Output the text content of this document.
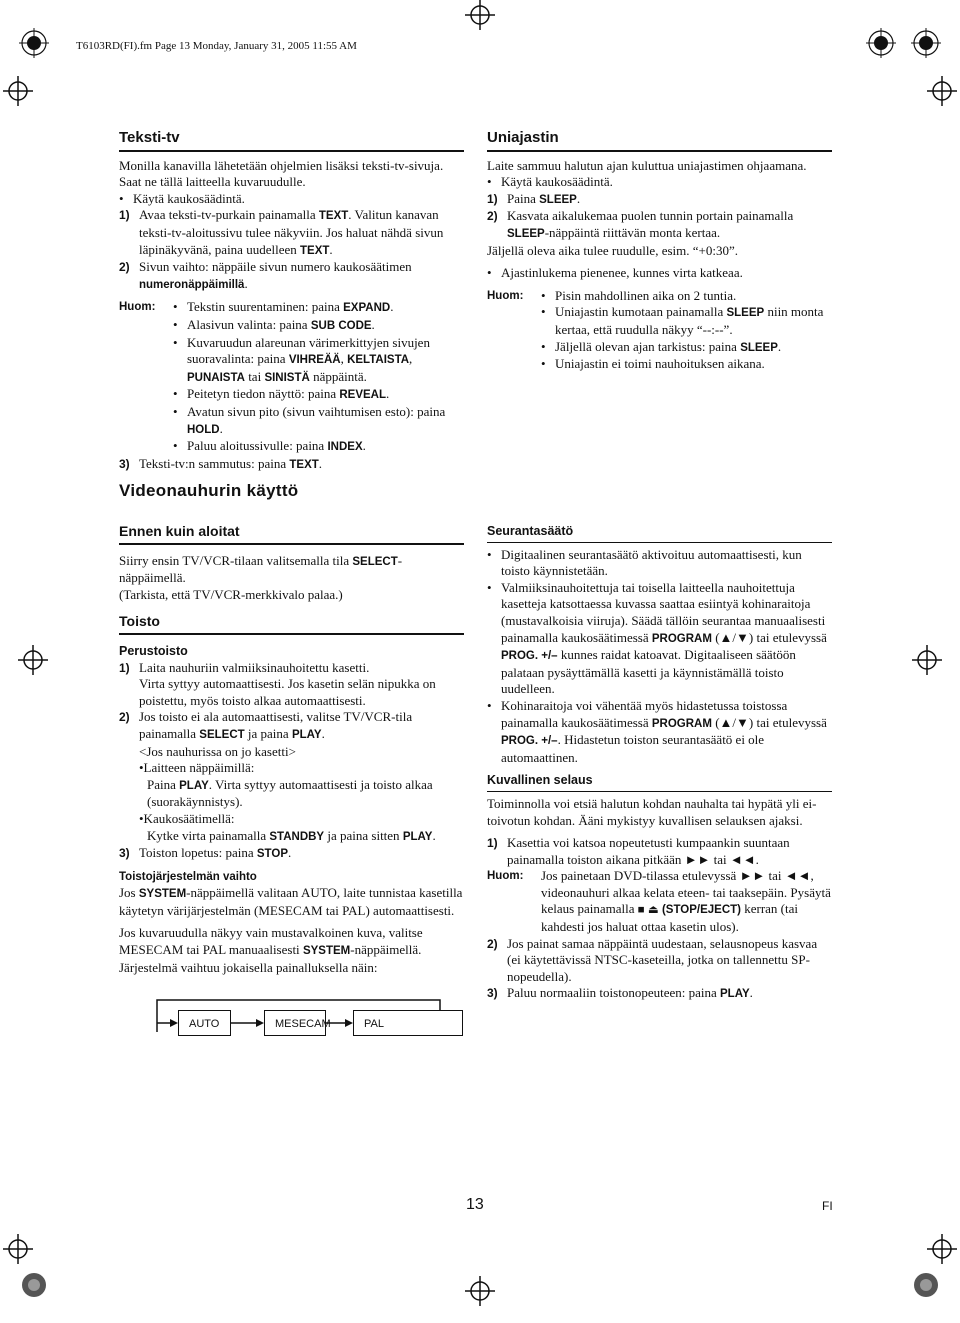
T6103RD(FI).fm Page 13 Monday, January 31, 2005 11:55 AM
Teksti-tv

Monilla kanavilla lähetetään ohjelmien lisäksi teksti-tv-sivuja.

Saat ne tällä laitteella kuvaruudulle.

• Käytä kaukosäädintä.

1) Avaa teksti-tv-purkain painamalla TEXT. Valitun kanavan teksti-tv-aloitussivu tulee näkyviin. Jos haluat nähdä sivun läpinäkyvänä, paina uudelleen TEXT.

2) Sivun vaihto: näppäile sivun numero kaukosäätimen numeronäppäimillä.

Huom:	• Tekstin suurentaminen: paina EXPAND.

• Alasivun valinta: paina SUB CODE.

• Kuvaruudun alareunan värimerkittyjen sivujen suoravalinta: paina VIHREÄÄ, KELTAISTA, PUNAISTA tai SINISTÄ näppäintä.

• Peitetyn tiedon näyttö: paina REVEAL.

• Avatun sivun pito (sivun vaihtumisen esto): paina HOLD.

• Paluu aloitussivulle: paina INDEX.

3) Teksti-tv:n sammutus: paina TEXT.

Uniajastin

Laite sammuu halutun ajan kuluttua uniajastimen ohjaamana.

• Käytä kaukosäädintä.

1) Paina SLEEP.

2) Kasvata aikalukemaa puolen tunnin portain painamalla SLEEP-näppäintä riittävän monta kertaa.

Jäljellä oleva aika tulee ruudulle, esim. “+0:30”.

• Ajastinlukema pienenee, kunnes virta katkeaa.

Huom:	• Pisin mahdollinen aika on 2 tuntia.

• Uniajastin kumotaan painamalla SLEEP niin monta kertaa, että ruudulla näkyy “--:--”.

• Jäljellä olevan ajan tarkistus: paina SLEEP.

• Uniajastin ei toimi nauhoituksen aikana.

Videonauhurin käyttö
Ennen kuin aloitat

Siirry ensin TV/VCR-tilaan valitsemalla tila SELECT-näppäimellä.

(Tarkista, että TV/VCR-merkkivalo palaa.)

Toisto
Perustoisto

1) Laita nauhuriin valmiiksinauhoitettu kasetti.

Virta syttyy automaattisesti. Jos kasetin selän nipukka on poistettu, myös toisto alkaa automaattisesti.

2) Jos toisto ei ala automaattisesti, valitse TV/VCR-tila painamalla SELECT ja paina PLAY.

<Jos nauhurissa on jo kasetti>

•Laitteen näppäimillä:

Paina PLAY. Virta syttyy automaattisesti ja toisto alkaa (suorakäynnistys).

•Kaukosäätimellä:

Kytke virta painamalla STANDBY ja paina sitten PLAY.

3) Toiston lopetus: paina STOP.

Toistojärjestelmän vaihto

Jos SYSTEM-näppäimellä valitaan AUTO, laite tunnistaa kasetilla käytetyn värijärjestelmän (MESECAM tai PAL) automaattisesti.

Jos kuvaruudulla näkyy vain mustavalkoinen kuva, valitse MESECAM tai PAL manuaalisesti SYSTEM-näppäimellä. Järjestelmä vaihtuu jokaisella painalluksella näin:

AUTO	MESECAM	PAL
Seurantasäätö

• Digitaalinen seurantasäätö aktivoituu automaattisesti, kun toisto käynnistetään.

• Valmiiksinauhoitettuja tai toisella laitteella nauhoitettuja kasetteja katsottaessa kuvassa saattaa esiintyä kohinaraitoja (mustavalkoisia viiruja). Säädä tällöin seurantaa manuaalisesti painamalla kaukosäätimessä PROGRAM (▲/▼) tai etulevyssä PROG. +/– kunnes raidat katoavat. Digitaaliseen säätöön palataan pysäyttämällä kasetti ja käynnistämällä toisto uudelleen.

• Kohinaraitoja voi vähentää myös hidastetussa toistossa painamalla kaukosäätimessä PROGRAM (▲/▼) tai etulevyssä PROG. +/–. Hidastetun toiston seurantasäätö ei ole automaattinen.

Kuvallinen selaus

Toiminnolla voi etsiä halutun kohdan nauhalta tai hypätä yli ei-toivotun kohdan. Ääni mykistyy kuvallisen selauksen ajaksi.

1) Kasettia voi katsoa nopeutetusti kumpaankin suuntaan painamalla toiston aikana pitkään ►► tai ◄◄.

Huom: Jos painetaan DVD-tilassa etulevyssä ►► tai ◄◄, videonauhuri alkaa kelata eteen- tai taaksepäin. Pysäytä kelaus painamalla ■ ⏏ (STOP/EJECT) kerran (tai kahdesti jos haluat ottaa kasetin ulos).

2) Jos painat samaa näppäintä uudestaan, selausnopeus kasvaa (ei käytettävissä NTSC-kaseteilla, jotka on tallennettu SP-nopeudella).

3) Paluu normaaliin toistonopeuteen: paina PLAY.

13	FI
